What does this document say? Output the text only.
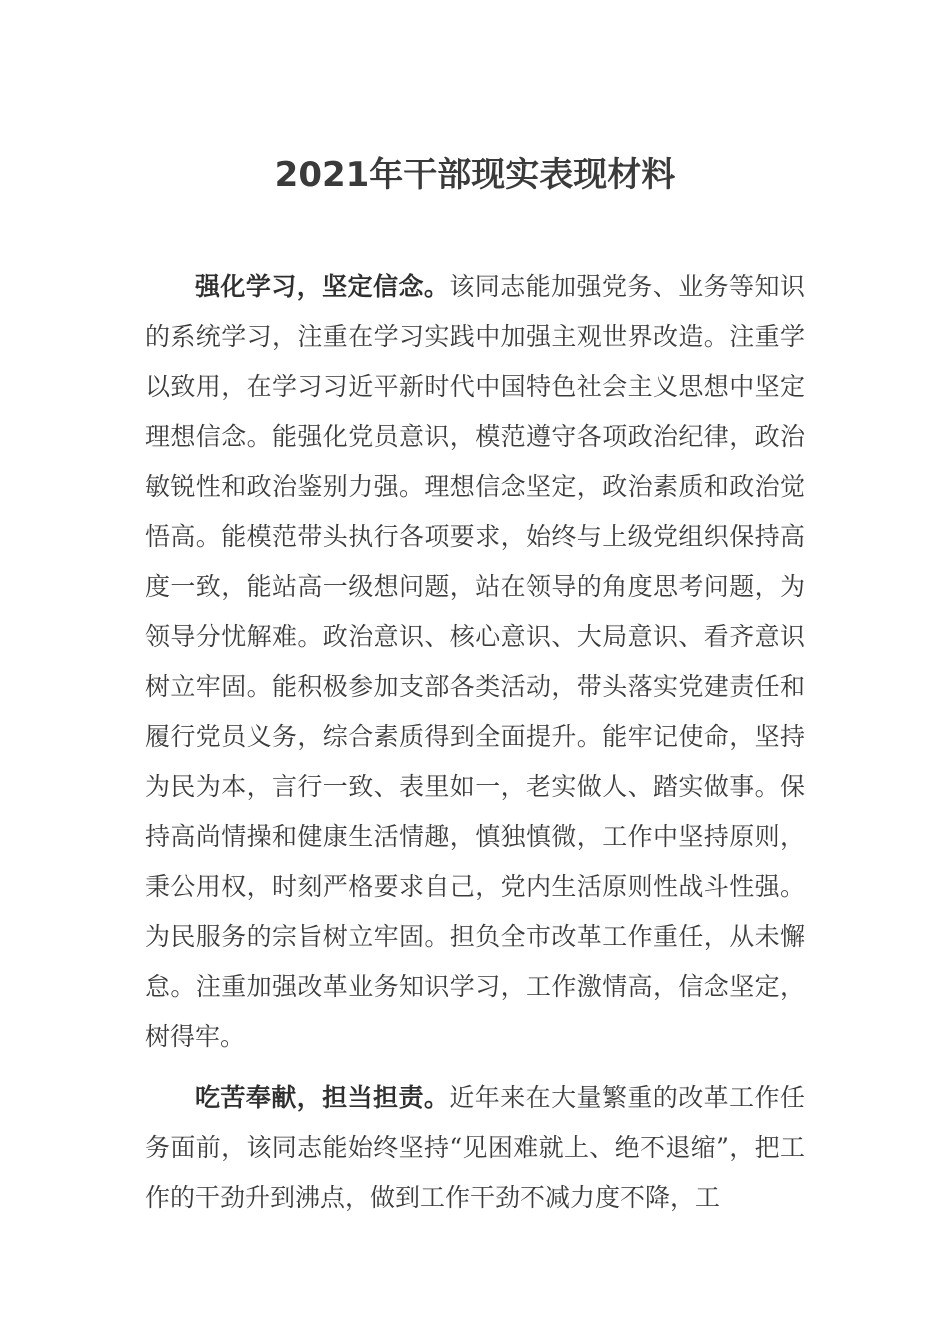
2021年干部现实表现材料

强化学习，坚定信念。该同志能加强党务、业务等知识的系统学习，注重在学习实践中加强主观世界改造。注重学以致用，在学习习近平新时代中国特色社会主义思想中坚定理想信念。能强化党员意识，模范遵守各项政治纪律，政治敏锐性和政治鉴别力强。理想信念坚定，政治素质和政治觉悟高。能模范带头执行各项要求，始终与上级党组织保持高度一致，能站高一级想问题，站在领导的角度思考问题，为领导分忧解难。政治意识、核心意识、大局意识、看齐意识树立牢固。能积极参加支部各类活动，带头落实党建责任和履行党员义务，综合素质得到全面提升。能牢记使命，坚持为民为本，言行一致、表里如一，老实做人、踏实做事。保持高尚情操和健康生活情趣，慎独慎微，工作中坚持原则，秉公用权，时刻严格要求自己，党内生活原则性战斗性强。为民服务的宗旨树立牢固。担负全市改革工作重任，从未懈怠。注重加强改革业务知识学习，工作激情高，信念坚定，树得牢。

吃苦奉献，担当担责。近年来在大量繁重的改革工作任务面前，该同志能始终坚持“见困难就上、绝不退缩”，把工作的干劲升到沸点，做到工作干劲不减力度不降，工
